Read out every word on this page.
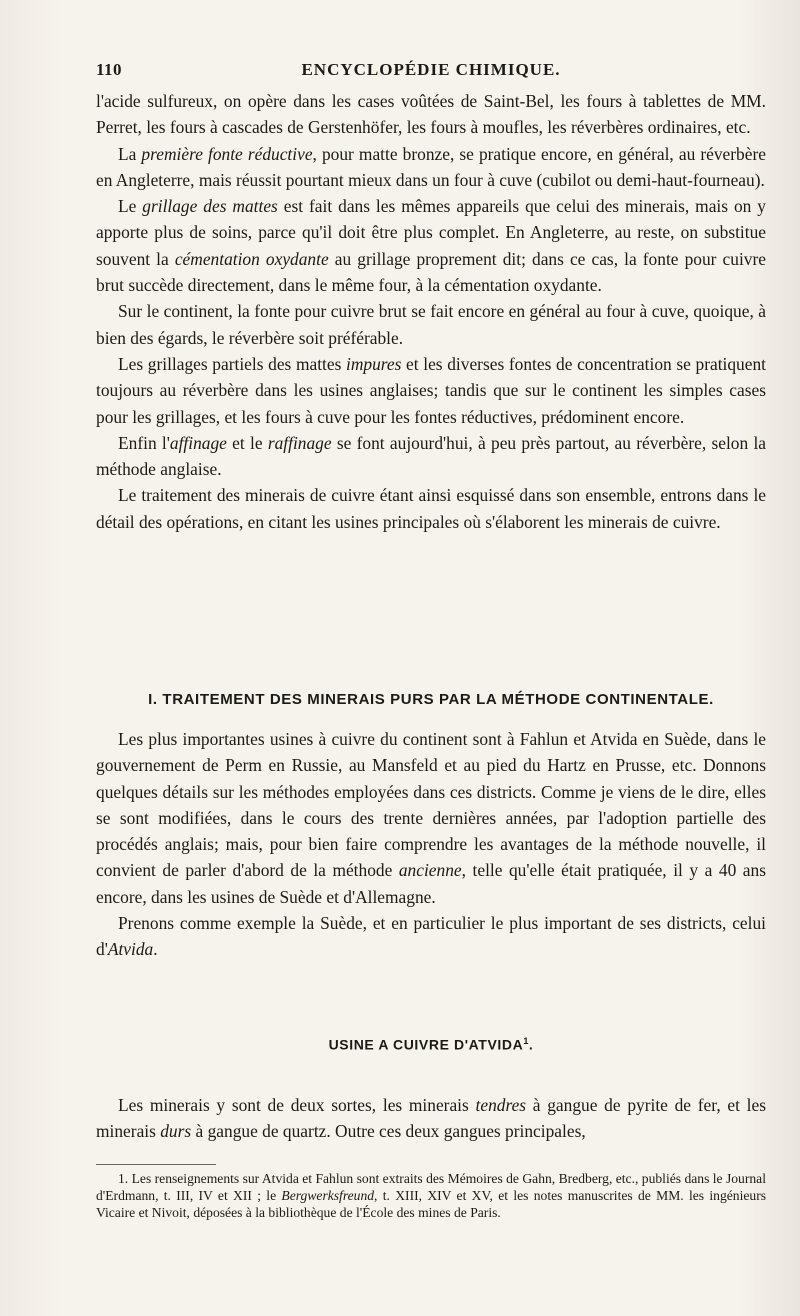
110	ENCYCLOPÉDIE CHIMIQUE.

l'acide sulfureux, on opère dans les cases voûtées de Saint-Bel, les fours à tablettes de MM. Perret, les fours à cascades de Gerstenhöfer, les fours à moufles, les réverbères ordinaires, etc.

La première fonte réductive, pour matte bronze, se pratique encore, en général, au réverbère en Angleterre, mais réussit pourtant mieux dans un four à cuve (cubilot ou demi-haut-fourneau).

Le grillage des mattes est fait dans les mêmes appareils que celui des minerais, mais on y apporte plus de soins, parce qu'il doit être plus complet. En Angleterre, au reste, on substitue souvent la cémentation oxydante au grillage proprement dit; dans ce cas, la fonte pour cuivre brut succède directement, dans le même four, à la cémentation oxydante.

Sur le continent, la fonte pour cuivre brut se fait encore en général au four à cuve, quoique, à bien des égards, le réverbère soit préférable.

Les grillages partiels des mattes impures et les diverses fontes de concentration se pratiquent toujours au réverbère dans les usines anglaises; tandis que sur le continent les simples cases pour les grillages, et les fours à cuve pour les fontes réductives, prédominent encore.

Enfin l'affinage et le raffinage se font aujourd'hui, à peu près partout, au réverbère, selon la méthode anglaise.

Le traitement des minerais de cuivre étant ainsi esquissé dans son ensemble, entrons dans le détail des opérations, en citant les usines principales où s'élaborent les minerais de cuivre.

I. TRAITEMENT DES MINERAIS PURS PAR LA MÉTHODE CONTINENTALE.

Les plus importantes usines à cuivre du continent sont à Fahlun et Atvida en Suède, dans le gouvernement de Perm en Russie, au Mansfeld et au pied du Hartz en Prusse, etc. Donnons quelques détails sur les méthodes employées dans ces districts. Comme je viens de le dire, elles se sont modifiées, dans le cours des trente dernières années, par l'adoption partielle des procédés anglais; mais, pour bien faire comprendre les avantages de la méthode nouvelle, il convient de parler d'abord de la méthode ancienne, telle qu'elle était pratiquée, il y a 40 ans encore, dans les usines de Suède et d'Allemagne.

Prenons comme exemple la Suède, et en particulier le plus important de ses districts, celui d'Atvida.

USINE A CUIVRE D'ATVIDA$^1$.

Les minerais y sont de deux sortes, les minerais tendres à gangue de pyrite de fer, et les minerais durs à gangue de quartz. Outre ces deux gangues principales,

1. Les renseignements sur Atvida et Fahlun sont extraits des Mémoires de Gahn, Bredberg, etc., publiés dans le Journal d'Erdmann, t. III, IV et XII ; le Bergwerksfreund, t. XIII, XIV et XV, et les notes manuscrites de MM. les ingénieurs Vicaire et Nivoit, déposées à la bibliothèque de l'École des mines de Paris.
